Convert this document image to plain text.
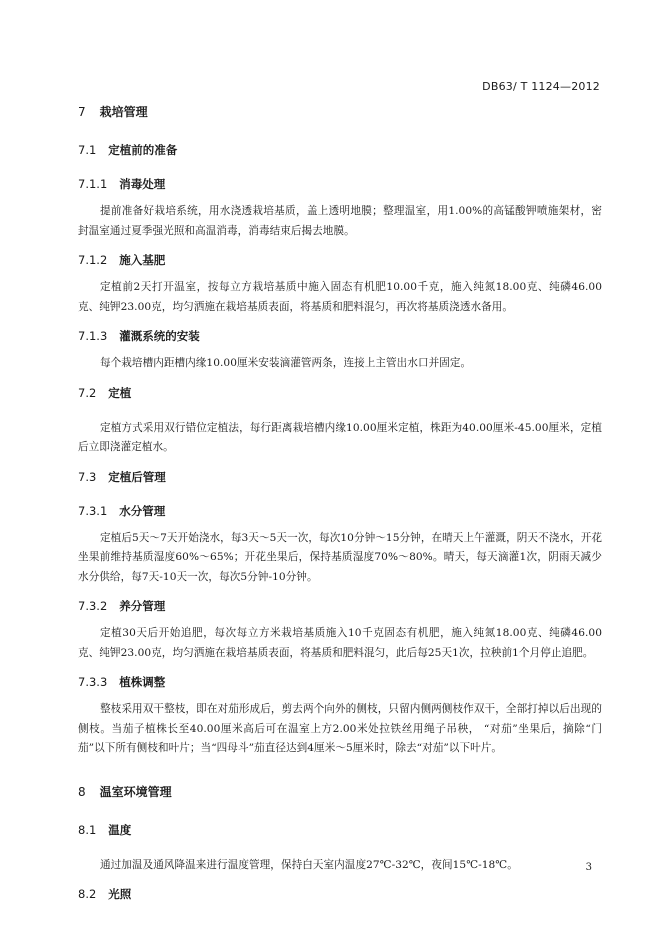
DB63/ T 1124—2012
7 栽培管理
7.1 定植前的准备
7.1.1 消毒处理

提前准备好栽培系统，用水浇透栽培基质，盖上透明地膜；整理温室，用1.00%的高锰酸钾喷施架材，密封温室通过夏季强光照和高温消毒，消毒结束后揭去地膜。

7.1.2 施入基肥

定植前2天打开温室，按每立方栽培基质中施入固态有机肥10.00千克，施入纯氮18.00克、纯磷46.00克、纯钾23.00克，均匀洒施在栽培基质表面，将基质和肥料混匀，再次将基质浇透水备用。

7.1.3 灌溉系统的安装

每个栽培槽内距槽内缘10.00厘米安装滴灌管两条，连接上主管出水口并固定。

7.2 定植

定植方式采用双行错位定植法，每行距离栽培槽内缘10.00厘米定植，株距为40.00厘米-45.00厘米，定植后立即浇灌定植水。

7.3 定植后管理
7.3.1 水分管理

定植后5天～7天开始浇水，每3天～5天一次，每次10分钟～15分钟，在晴天上午灌溉，阴天不浇水，开花坐果前维持基质湿度60%～65%；开花坐果后，保持基质湿度70%～80%。晴天，每天滴灌1次，阴雨天减少水分供给，每7天-10天一次，每次5分钟-10分钟。

7.3.2 养分管理

定植30天后开始追肥，每次每立方米栽培基质施入10千克固态有机肥，施入纯氮18.00克、纯磷46.00克、纯钾23.00克，均匀洒施在栽培基质表面，将基质和肥料混匀，此后每25天1次，拉秧前1个月停止追肥。

7.3.3 植株调整

整枝采用双干整枝，即在对茄形成后，剪去两个向外的侧枝，只留内侧两侧枝作双干，全部打掉以后出现的侧枝。当茄子植株长至40.00厘米高后可在温室上方2.00米处拉铁丝用绳子吊秧， “对茄”坐果后，摘除“门茄”以下所有侧枝和叶片；当“四母斗”茄直径达到4厘米～5厘米时，除去“对茄”以下叶片。

8 温室环境管理
8.1 温度

通过加温及通风降温来进行温度管理，保持白天室内温度27℃-32℃，夜间15℃-18℃。

8.2 光照
3
